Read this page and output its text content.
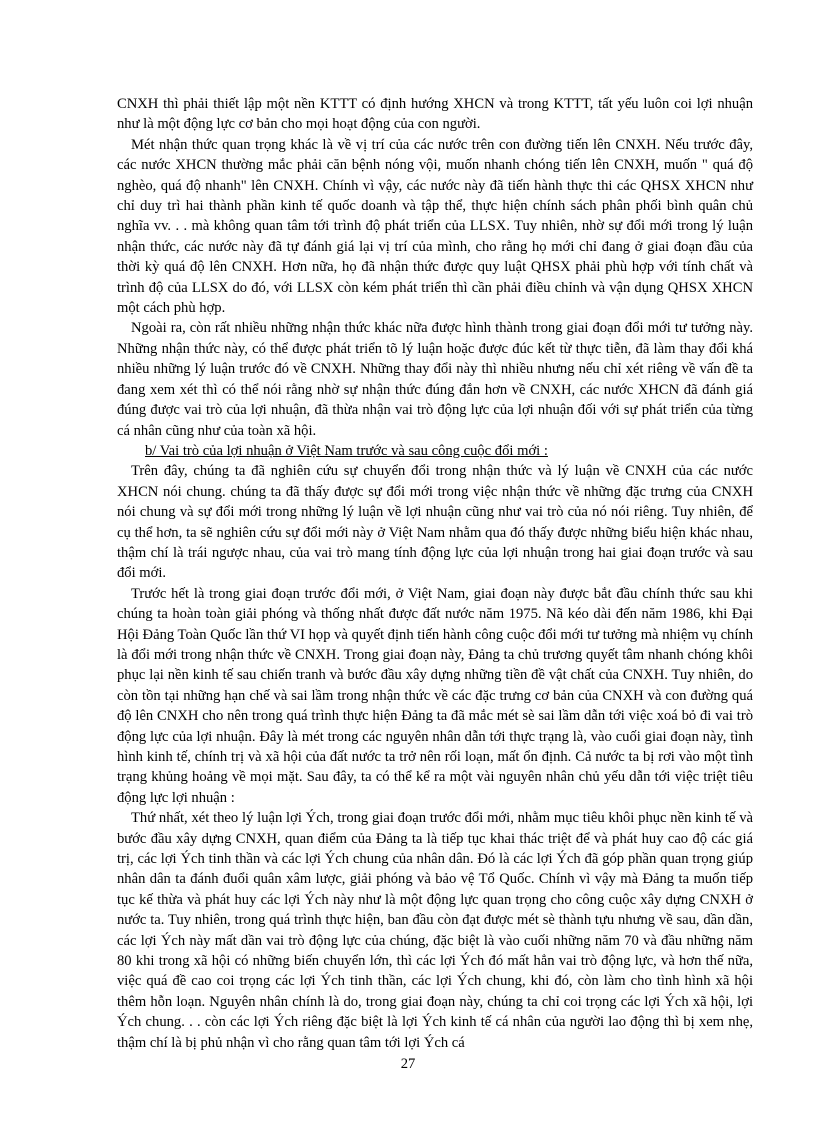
CNXH thì phải thiết lập một nền KTTT có định hướng XHCN và trong KTTT, tất yếu luôn coi lợi nhuận như là một động lực cơ bản cho mọi hoạt động của con người.

Mét nhận thức quan trọng khác là về vị trí của các nước trên con đường tiến lên CNXH. Nếu trước đây, các nước XHCN thường mắc phải căn bệnh nóng vội, muốn nhanh chóng tiến lên CNXH, muốn " quá độ nghèo, quá độ nhanh" lên CNXH. Chính vì vậy, các nước này đã tiến hành thực thi các QHSX XHCN như chỉ duy trì hai thành phần kinh tế quốc doanh và tập thể, thực hiện chính sách phân phối bình quân chủ nghĩa vv. . . mà không quan tâm tới trình độ phát triển của LLSX. Tuy nhiên, nhờ sự đổi mới trong lý luận nhận thức, các nước này đã tự đánh giá lại vị trí của mình, cho rằng họ mới chỉ đang ở giai đoạn đầu của thời kỳ quá độ lên CNXH. Hơn nữa, họ đã nhận thức được quy luật QHSX phải phù hợp với tính chất và trình độ của LLSX do đó, với LLSX còn kém phát triển thì cần phải điều chỉnh và vận dụng QHSX XHCN một cách phù hợp.

Ngoài ra, còn rất nhiều những nhận thức khác nữa được hình thành trong giai đoạn đổi mới tư tưởng này. Những nhận thức này, có thể được phát triển tõ lý luận hoặc được đúc kết từ thực tiễn, đã làm thay đổi khá nhiều những lý luận trước đó về CNXH. Những thay đổi này thì nhiều nhưng nếu chỉ xét riêng về vấn đề ta đang xem xét thì có thể nói rằng nhờ sự nhận thức đúng đắn hơn về CNXH, các nước XHCN đã đánh giá đúng được vai trò của lợi nhuận, đã thừa nhận vai trò động lực của lợi nhuận đối với sự phát triển của từng cá nhân cũng như của toàn xã hội.

b/ Vai trò của lợi nhuận ở Việt Nam trước và sau công cuộc đổi mới :

Trên đây, chúng ta đã nghiên cứu sự chuyển đổi trong nhận thức và lý luận về CNXH của các nước XHCN nói chung. chúng ta đã thấy được sự đổi mới trong việc nhận thức về những đặc trưng của CNXH nói chung và sự đổi mới trong những lý luận về lợi nhuận cũng như vai trò của nó nói riêng. Tuy nhiên, để cụ thể hơn, ta sẽ nghiên cứu sự đổi mới này ở Việt Nam nhằm qua đó thấy được những biểu hiện khác nhau, thậm chí là trái ngược nhau, của vai trò mang tính động lực của lợi nhuận trong hai giai đoạn trước và sau đổi mới.

Trước hết là trong giai đoạn trước đổi mới, ở Việt Nam, giai đoạn này được bắt đầu chính thức sau khi chúng ta hoàn toàn giải phóng và thống nhất được đất nước năm 1975. Nã kéo dài đến năm 1986, khi Đại Hội Đảng Toàn Quốc lần thứ VI họp và quyết định tiến hành công cuộc đổi mới tư tưởng mà nhiệm vụ chính là đổi mới trong nhận thức về CNXH. Trong giai đoạn này, Đảng ta chủ trương quyết tâm nhanh chóng khôi phục lại nền kinh tế sau chiến tranh và bước đầu xây dựng những tiền đề vật chất của CNXH. Tuy nhiên, do còn tồn tại những hạn chế và sai lầm trong nhận thức về các đặc trưng cơ bản của CNXH và con đường quá độ lên CNXH cho nên trong quá trình thực hiện Đảng ta đã mắc mét sè sai lầm dẫn tới việc xoá bỏ đi vai trò động lực của lợi nhuận. Đây là mét trong các nguyên nhân dẫn tới thực trạng là, vào cuối giai đoạn này, tình hình kinh tế, chính trị và xã hội của đất nước ta trở nên rối loạn, mất ổn định. Cả nước ta bị rơi vào một tình trạng khủng hoảng về mọi mặt. Sau đây, ta có thể kể ra một vài nguyên nhân chủ yếu dẫn tới việc triệt tiêu động lực lợi nhuận :

Thứ nhất, xét theo lý luận lợi Ých, trong giai đoạn trước đổi mới, nhằm mục tiêu khôi phục nền kinh tế và bước đầu xây dựng CNXH, quan điểm của Đảng ta là tiếp tục khai thác triệt để và phát huy cao độ các giá trị, các lợi Ých tinh thần và các lợi Ých chung của nhân dân. Đó là các lợi Ých đã góp phần quan trọng giúp nhân dân ta đánh đuổi quân xâm lược, giải phóng và bảo vệ Tổ Quốc. Chính vì vậy mà Đảng ta muốn tiếp tục kế thừa và phát huy các lợi Ých này như là một động lực quan trọng cho công cuộc xây dựng CNXH ở nước ta. Tuy nhiên, trong quá trình thực hiện, ban đầu còn đạt được mét sè thành tựu nhưng về sau, dần dần, các lợi Ých này mất dần vai trò động lực của chúng, đặc biệt là vào cuối những năm 70 và đầu những năm 80 khi trong xã hội có những biến chuyển lớn, thì các lợi Ých đó mất hẳn vai trò động lực, và hơn thế nữa, việc quá đề cao coi trọng các lợi Ých tinh thần, các lợi Ých chung, khi đó, còn làm cho tình hình xã hội thêm hỗn loạn. Nguyên nhân chính là do, trong giai đoạn này, chúng ta chỉ coi trọng các lợi Ých xã hội, lợi Ých chung. . . còn các lợi Ých riêng đặc biệt là lợi Ých kinh tế cá nhân của người lao động thì bị xem nhẹ, thậm chí là bị phủ nhận vì cho rằng quan tâm tới lợi Ých cá

27
